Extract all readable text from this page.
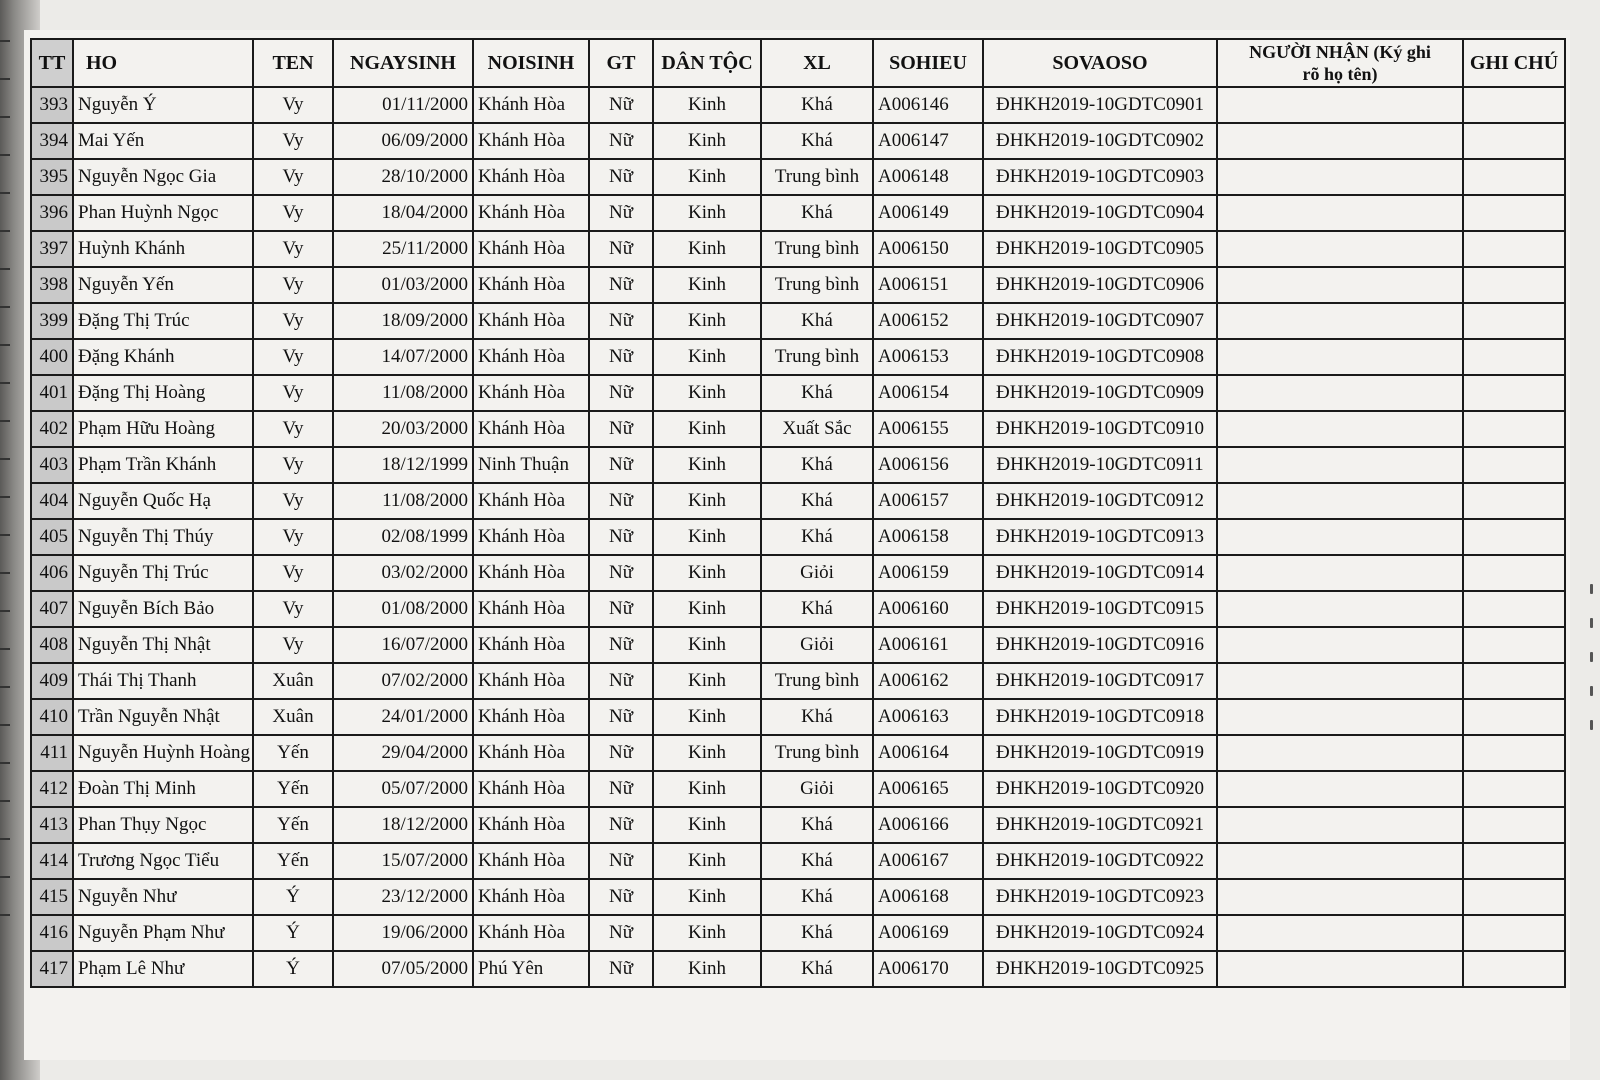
TT	HO	TEN	NGAYSINH	NOISINH	GT	DÂN TỘC	XL	SOHIEU	SOVAOSO	NGƯỜI NHẬN (Ký ghi
rõ họ tên)	GHI CHÚ
393	Nguyễn Ý	Vy	01/11/2000	Khánh Hòa	Nữ	Kinh	Khá	A006146	ĐHKH2019-10GDTC0901		
394	Mai Yến	Vy	06/09/2000	Khánh Hòa	Nữ	Kinh	Khá	A006147	ĐHKH2019-10GDTC0902		
395	Nguyễn Ngọc Gia	Vy	28/10/2000	Khánh Hòa	Nữ	Kinh	Trung bình	A006148	ĐHKH2019-10GDTC0903		
396	Phan Huỳnh Ngọc	Vy	18/04/2000	Khánh Hòa	Nữ	Kinh	Khá	A006149	ĐHKH2019-10GDTC0904		
397	Huỳnh Khánh	Vy	25/11/2000	Khánh Hòa	Nữ	Kinh	Trung bình	A006150	ĐHKH2019-10GDTC0905		
398	Nguyễn Yến	Vy	01/03/2000	Khánh Hòa	Nữ	Kinh	Trung bình	A006151	ĐHKH2019-10GDTC0906		
399	Đặng Thị Trúc	Vy	18/09/2000	Khánh Hòa	Nữ	Kinh	Khá	A006152	ĐHKH2019-10GDTC0907		
400	Đặng Khánh	Vy	14/07/2000	Khánh Hòa	Nữ	Kinh	Trung bình	A006153	ĐHKH2019-10GDTC0908		
401	Đặng Thị Hoàng	Vy	11/08/2000	Khánh Hòa	Nữ	Kinh	Khá	A006154	ĐHKH2019-10GDTC0909		
402	Phạm Hữu Hoàng	Vy	20/03/2000	Khánh Hòa	Nữ	Kinh	Xuất Sắc	A006155	ĐHKH2019-10GDTC0910		
403	Phạm Trần Khánh	Vy	18/12/1999	Ninh Thuận	Nữ	Kinh	Khá	A006156	ĐHKH2019-10GDTC0911		
404	Nguyễn Quốc Hạ	Vy	11/08/2000	Khánh Hòa	Nữ	Kinh	Khá	A006157	ĐHKH2019-10GDTC0912		
405	Nguyễn Thị Thúy	Vy	02/08/1999	Khánh Hòa	Nữ	Kinh	Khá	A006158	ĐHKH2019-10GDTC0913		
406	Nguyễn Thị Trúc	Vy	03/02/2000	Khánh Hòa	Nữ	Kinh	Giỏi	A006159	ĐHKH2019-10GDTC0914		
407	Nguyễn Bích Bảo	Vy	01/08/2000	Khánh Hòa	Nữ	Kinh	Khá	A006160	ĐHKH2019-10GDTC0915		
408	Nguyễn Thị Nhật	Vy	16/07/2000	Khánh Hòa	Nữ	Kinh	Giỏi	A006161	ĐHKH2019-10GDTC0916		
409	Thái Thị Thanh	Xuân	07/02/2000	Khánh Hòa	Nữ	Kinh	Trung bình	A006162	ĐHKH2019-10GDTC0917		
410	Trần Nguyễn Nhật	Xuân	24/01/2000	Khánh Hòa	Nữ	Kinh	Khá	A006163	ĐHKH2019-10GDTC0918		
411	Nguyễn Huỳnh Hoàng	Yến	29/04/2000	Khánh Hòa	Nữ	Kinh	Trung bình	A006164	ĐHKH2019-10GDTC0919		
412	Đoàn Thị Minh	Yến	05/07/2000	Khánh Hòa	Nữ	Kinh	Giỏi	A006165	ĐHKH2019-10GDTC0920		
413	Phan Thụy Ngọc	Yến	18/12/2000	Khánh Hòa	Nữ	Kinh	Khá	A006166	ĐHKH2019-10GDTC0921		
414	Trương Ngọc Tiểu	Yến	15/07/2000	Khánh Hòa	Nữ	Kinh	Khá	A006167	ĐHKH2019-10GDTC0922		
415	Nguyễn Như	Ý	23/12/2000	Khánh Hòa	Nữ	Kinh	Khá	A006168	ĐHKH2019-10GDTC0923		
416	Nguyễn Phạm Như	Ý	19/06/2000	Khánh Hòa	Nữ	Kinh	Khá	A006169	ĐHKH2019-10GDTC0924		
417	Phạm Lê Như	Ý	07/05/2000	Phú Yên	Nữ	Kinh	Khá	A006170	ĐHKH2019-10GDTC0925		
